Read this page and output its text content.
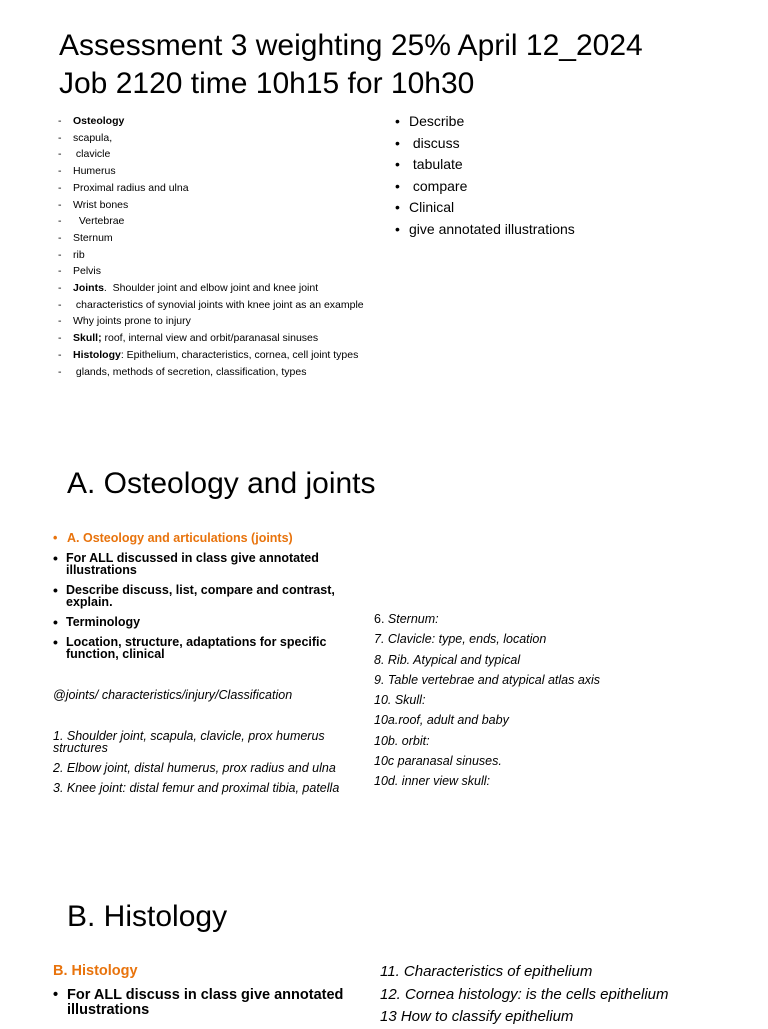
Assessment 3 weighting 25% April 12_2024
Job 2120 time 10h15 for 10h30
-	Osteology
-	scapula,
-	clavicle
-	Humerus
-	Proximal radius and ulna
-	Wrist bones
-	Vertebrae
-	Sternum
-	rib
-	Pelvis
-	Joints .  Shoulder joint and elbow joint and knee joint
-	characteristics of synovial joints with knee joint as an example
-	Why joints prone to injury
-	Skull; roof, internal view and orbit/paranasal sinuses
-	Histology : Epithelium, characteristics, cornea, cell joint types
-	glands, methods of secretion, classification, types
• Describe
• discuss
• tabulate
• compare
• Clinical
• give annotated illustrations
A. Osteology and joints
• A. Osteology and articulations (joints)
• For ALL discussed in class give annotated illustrations
• Describe discuss, list, compare and contrast, explain.
• Terminology
• Location, structure, adaptations for specific function, clinical
@joints/ characteristics/injury/Classification
1. Shoulder joint, scapula, clavicle, prox humerus structures
2. Elbow joint, distal humerus, prox radius and ulna
3. Knee joint: distal femur and proximal tibia, patella
6. Sternum:
7. Clavicle: type, ends, location
8. Rib. Atypical and typical
9. Table vertebrae and atypical atlas axis
10. Skull:
10a.roof, adult and baby
10b. orbit:
10c paranasal sinuses.
10d. inner view skull:
B. Histology
B. Histology
• For ALL discuss in class give annotated illustrations
11. Characteristics of epithelium
12. Cornea histology: is the cells epithelium
13 How to classify epithelium
